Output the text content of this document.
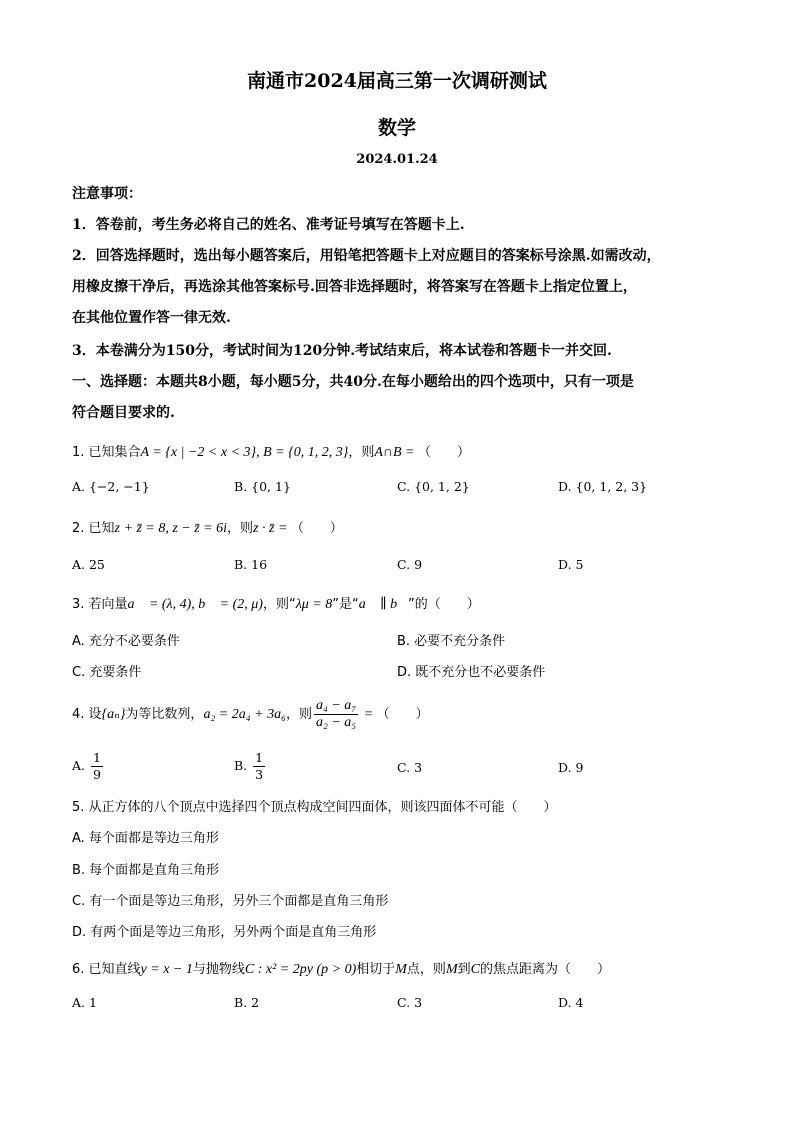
南通市2024届高三第一次调研测试
数学
2024.01.24
注意事项：
1．答卷前，考生务必将自己的姓名、准考证号填写在答题卡上.
2．回答选择题时，选出每小题答案后，用铅笔把答题卡上对应题目的答案标号涂黑.如需改动，
用橡皮擦干净后，再选涂其他答案标号.回答非选择题时，将答案写在答题卡上指定位置上，
在其他位置作答一律无效.
3．本卷满分为150分，考试时间为120分钟.考试结束后，将本试卷和答题卡一并交回.
一、选择题：本题共8小题，每小题5分，共40分.在每小题给出的四个选项中，只有一项是
符合题目要求的.
1. 已知集合A = {x | −2 < x < 3}, B = {0, 1, 2, 3}，则A∩B = （　　）
A. {−2, −1}	B. {0, 1}	C. {0, 1, 2}	D. {0, 1, 2, 3}
2. 已知z + z̄ = 8, z − z̄ = 6i，则z · z̄ = （　　）
A. 25	B. 16	C. 9	D. 5
3. 若向量a⃗ = (λ, 4), b⃗ = (2, μ)，则“λμ = 8”是“a⃗ ∥ b⃗”的（　　）
A. 充分不必要条件	B. 必要不充分条件
C. 充要条件	D. 既不充分也不必要条件
4. 设{aₙ}为等比数列，a₂ = 2a₄ + 3a₆，则 $\frac{\text{a₄ − a₇}}{\text{a₂ − a₅}}$ = （　　）
A. $\frac{1}{9}$	B. $\frac{1}{3}$	C. 3	D. 9
5. 从正方体的八个顶点中选择四个顶点构成空间四面体，则该四面体不可能（　　）
A. 每个面都是等边三角形
B. 每个面都是直角三角形
C. 有一个面是等边三角形，另外三个面都是直角三角形
D. 有两个面是等边三角形，另外两个面是直角三角形
6. 已知直线y = x − 1与抛物线C : x² = 2py (p > 0)相切于M点，则M到C的焦点距离为（　　）
A. 1	B. 2	C. 3	D. 4
